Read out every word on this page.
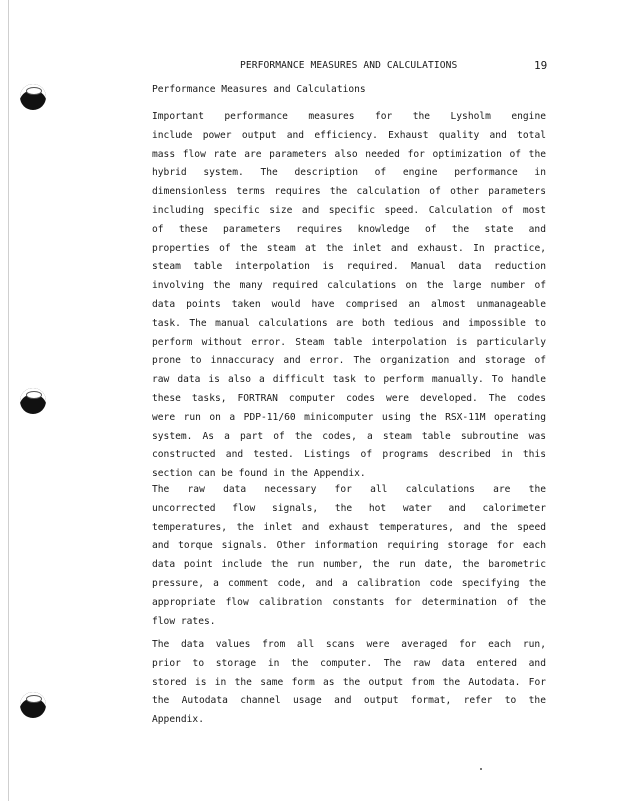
PERFORMANCE MEASURES AND CALCULATIONS	19
Performance Measures and Calculations
Important performance measures for the Lysholm engine
include power output and efficiency. Exhaust quality and total
mass flow rate are parameters also needed for optimization of the
hybrid system. The description of engine performance in
dimensionless terms requires the calculation of other parameters
including specific size and specific speed. Calculation of most
of these parameters requires knowledge of the state and
properties of the steam at the inlet and exhaust. In practice,
steam table interpolation is required. Manual data reduction
involving the many required calculations on the large number of
data points taken would have comprised an almost unmanageable
task. The manual calculations are both tedious and impossible to
perform without error. Steam table interpolation is particularly
prone to innaccuracy and error. The organization and storage of
raw data is also a difficult task to perform manually. To handle
these tasks, FORTRAN computer codes were developed. The codes
were run on a PDP-11/60 minicomputer using the RSX-11M operating
system. As a part of the codes, a steam table subroutine was
constructed and tested. Listings of programs described in this
section can be found in the Appendix.
The raw data necessary for all calculations are the
uncorrected flow signals, the hot water and calorimeter
temperatures, the inlet and exhaust temperatures, and the speed
and torque signals. Other information requiring storage for each
data point include the run number, the run date, the barometric
pressure, a comment code, and a calibration code specifying the
appropriate flow calibration constants for determination of the
flow rates.
The data values from all scans were averaged for each run,
prior to storage in the computer. The raw data entered and
stored is in the same form as the output from the Autodata. For
the Autodata channel usage and output format, refer to the
Appendix.
